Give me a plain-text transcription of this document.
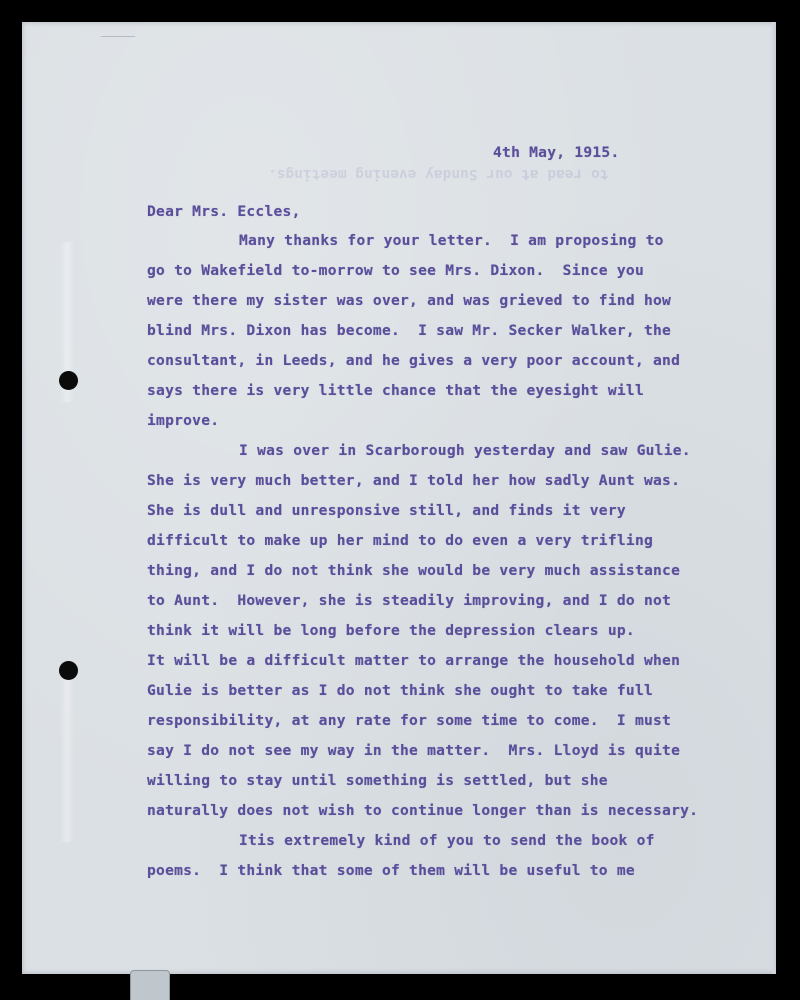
to read at our Sunday evening meetings.
4th May, 1915.
Dear Mrs. Eccles,
Many thanks for your letter.  I am proposing to
go to Wakefield to-morrow to see Mrs. Dixon.  Since you
were there my sister was over, and was grieved to find how
blind Mrs. Dixon has become.  I saw Mr. Secker Walker, the
consultant, in Leeds, and he gives a very poor account, and
says there is very little chance that the eyesight will
improve.
I was over in Scarborough yesterday and saw Gulie.
She is very much better, and I told her how sadly Aunt was.
She is dull and unresponsive still, and finds it very
difficult to make up her mind to do even a very trifling
thing, and I do not think she would be very much assistance
to Aunt.  However, she is steadily improving, and I do not
think it will be long before the depression clears up.
It will be a difficult matter to arrange the household when
Gulie is better as I do not think she ought to take full
responsibility, at any rate for some time to come.  I must
say I do not see my way in the matter.  Mrs. Lloyd is quite
willing to stay until something is settled, but she
naturally does not wish to continue longer than is necessary.
Itis extremely kind of you to send the book of
poems.  I think that some of them will be useful to me
